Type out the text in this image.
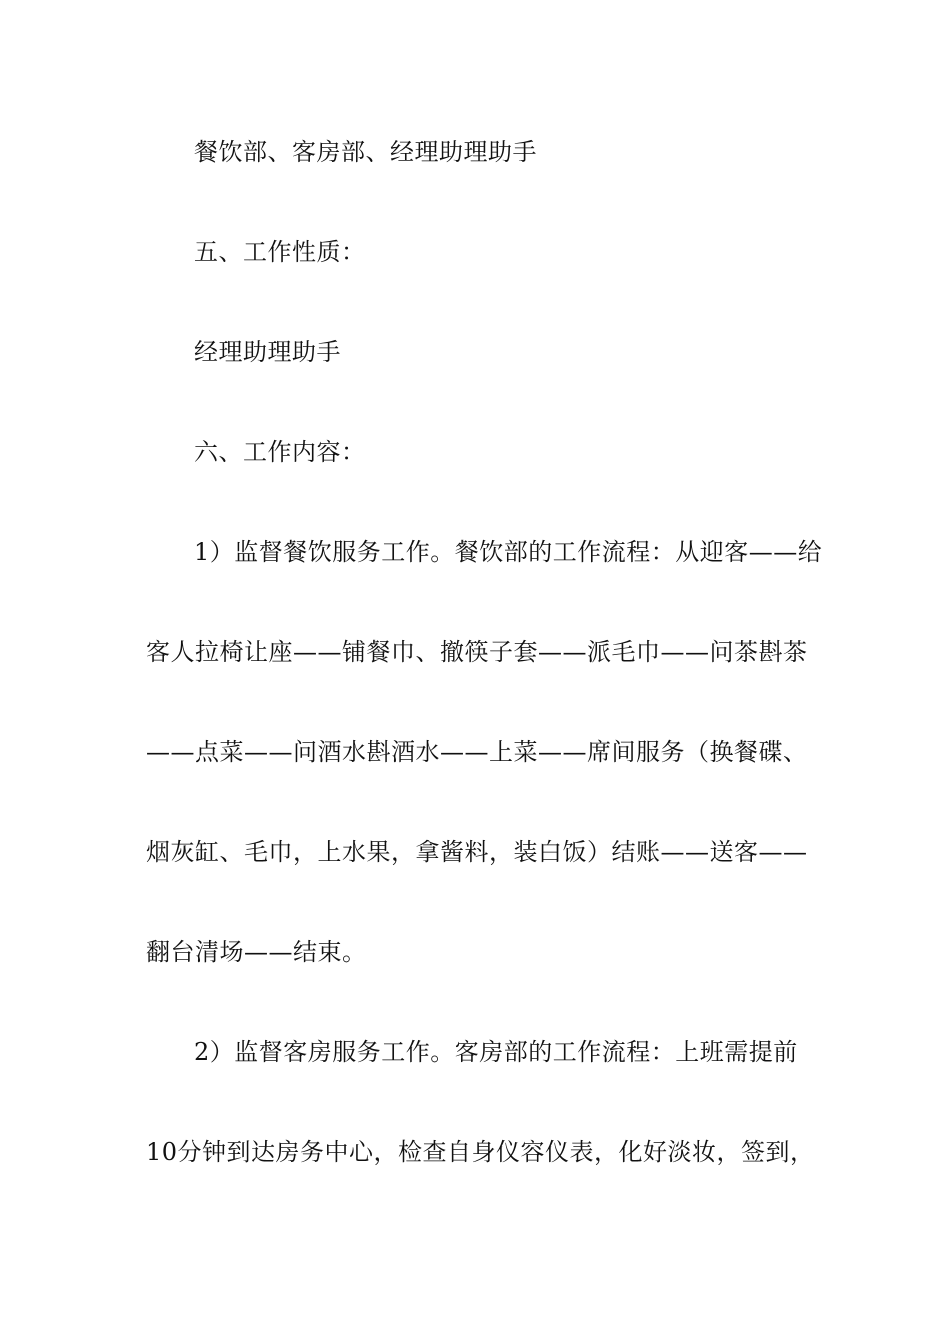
餐饮部、客房部、经理助理助手
五、工作性质：
经理助理助手
六、工作内容：
1）监督餐饮服务工作。餐饮部的工作流程：从迎客——给
客人拉椅让座——铺餐巾、撤筷子套——派毛巾——问茶斟茶
——点菜——问酒水斟酒水——上菜——席间服务（换餐碟、
烟灰缸、毛巾，上水果，拿酱料，装白饭）结账——送客——
翻台清场——结束。
2）监督客房服务工作。客房部的工作流程：上班需提前
10分钟到达房务中心，检查自身仪容仪表，化好淡妆，签到，
